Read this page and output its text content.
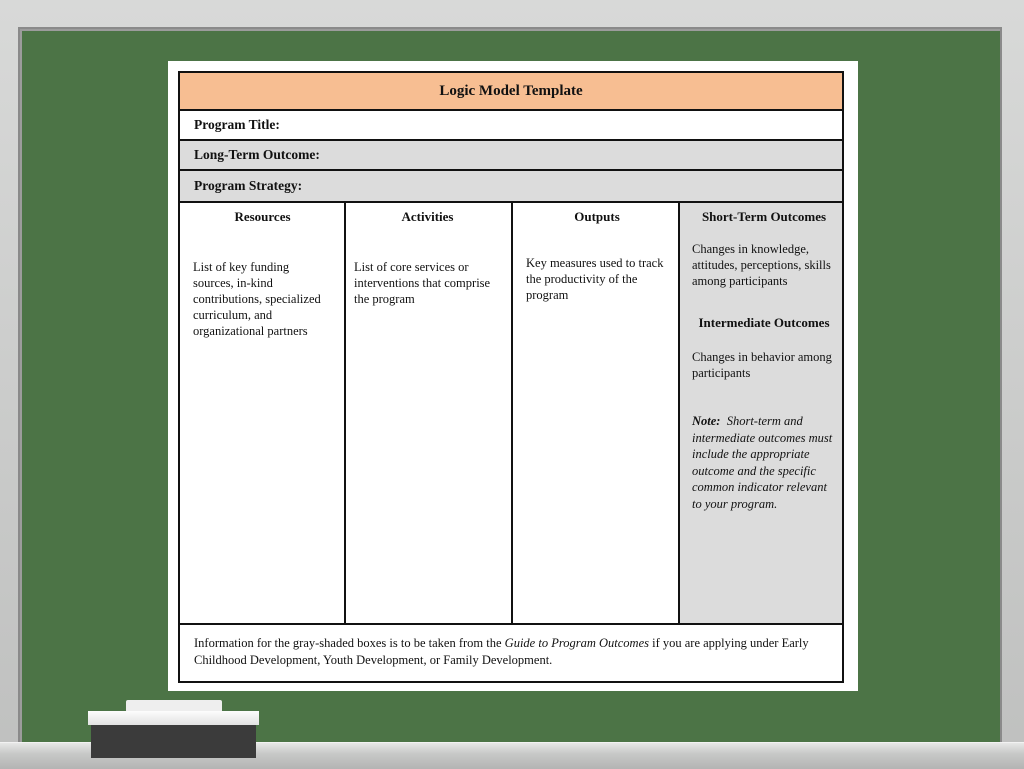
Logic Model Template
Program Title:
Long-Term Outcome:
Program Strategy:
Resources
List of key funding sources, in-kind contributions, specialized curriculum, and organizational partners
Activities
List of core services or interventions that comprise the program
Outputs
Key measures used to track the productivity of the program
Short-Term Outcomes
Changes in knowledge, attitudes, perceptions, skills among participants
Intermediate Outcomes
Changes in behavior among participants
Note: Short-term and intermediate outcomes must include the appropriate outcome and the specific common indicator relevant to your program.
Information for the gray-shaded boxes is to be taken from the Guide to Program Outcomes if you are applying under Early Childhood Development, Youth Development, or Family Development.
